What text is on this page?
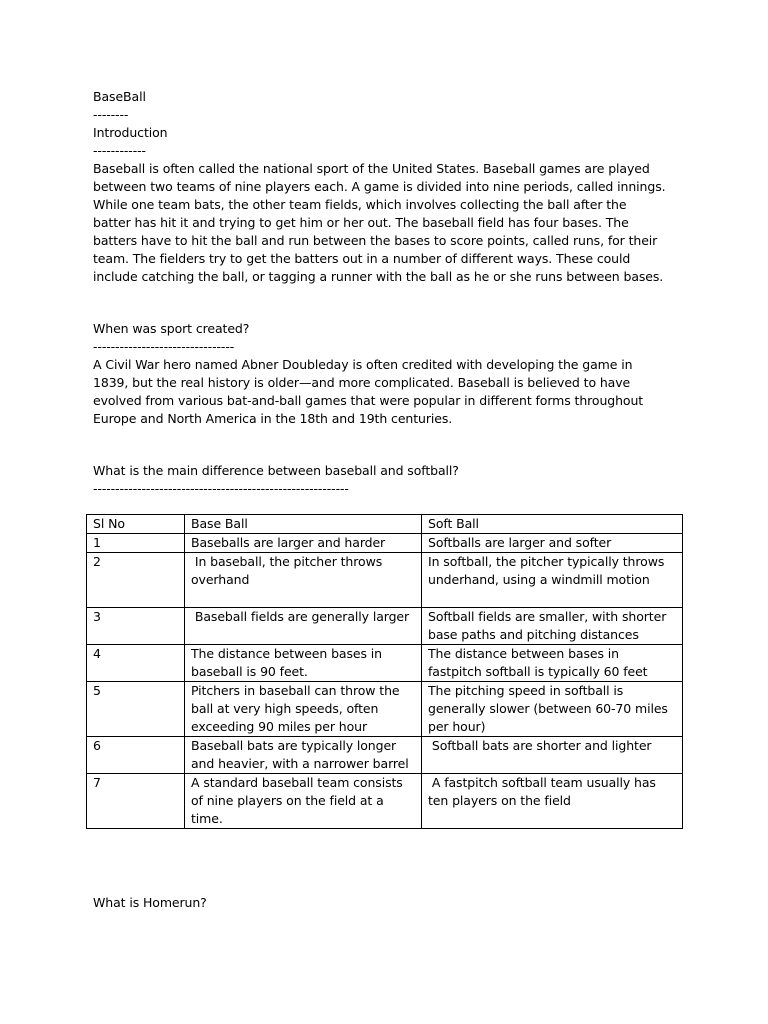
BaseBall
--------
Introduction
------------
Baseball is often called the national sport of the United States. Baseball games are played
between two teams of nine players each. A game is divided into nine periods, called innings.
While one team bats, the other team fields, which involves collecting the ball after the
batter has hit it and trying to get him or her out. The baseball field has four bases. The
batters have to hit the ball and run between the bases to score points, called runs, for their
team. The fielders try to get the batters out in a number of different ways. These could
include catching the ball, or tagging a runner with the ball as he or she runs between bases.
When was sport created?
--------------------------------
A Civil War hero named Abner Doubleday is often credited with developing the game in
1839, but the real history is older—and more complicated. Baseball is believed to have
evolved from various bat-and-ball games that were popular in different forms throughout
Europe and North America in the 18th and 19th centuries.
What is the main difference between baseball and softball?
----------------------------------------------------------
Sl No	Base Ball	Soft Ball
1	Baseballs are larger and harder	Softballs are larger and softer

2	In baseball, the pitcher throws
overhand	In softball, the pitcher typically throws
underhand, using a windmill motion

3	Baseball fields are generally larger	Softball fields are smaller, with shorter
base paths and pitching distances

4	The distance between bases in
baseball is 90 feet.	The distance between bases in
fastpitch softball is typically 60 feet

5	Pitchers in baseball can throw the
ball at very high speeds, often
exceeding 90 miles per hour	The pitching speed in softball is
generally slower (between 60-70 miles
per hour)

6	Baseball bats are typically longer
and heavier, with a narrower barrel	Softball bats are shorter and lighter

7	A standard baseball team consists
of nine players on the field at a
time.	A fastpitch softball team usually has
ten players on the field
What is Homerun?
